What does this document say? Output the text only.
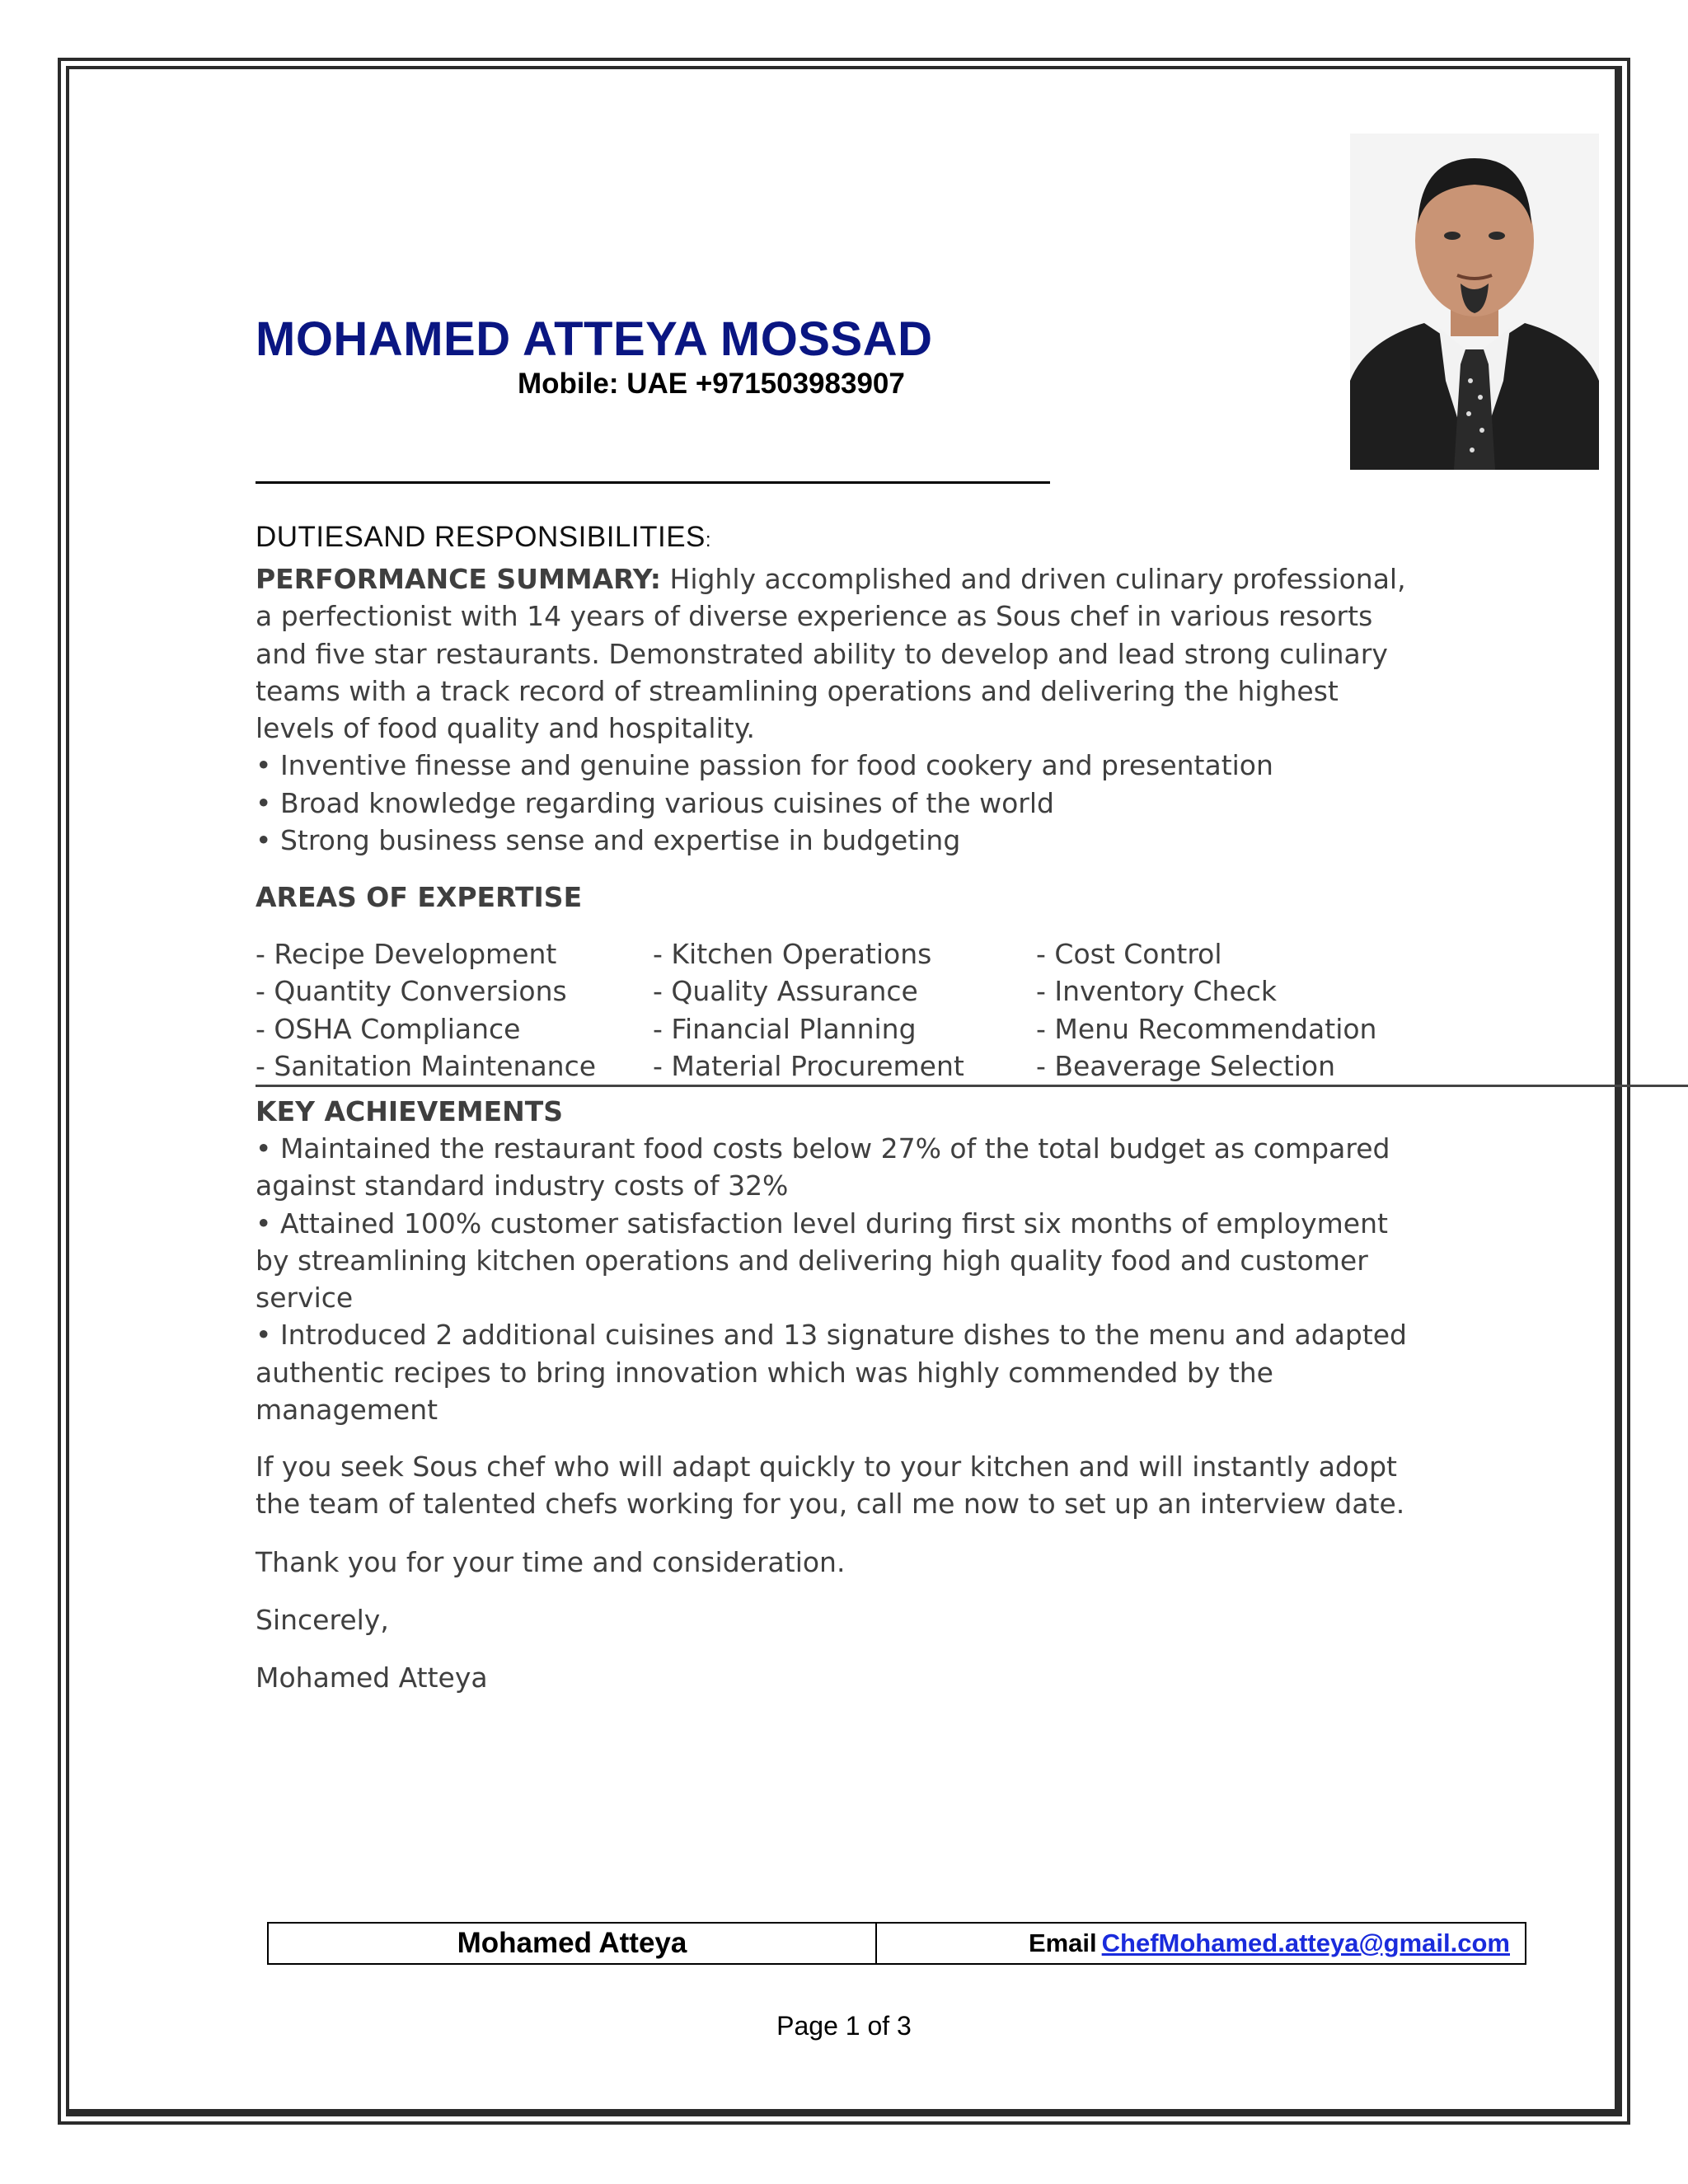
MOHAMED ATTEYA MOSSAD
Mobile: UAE +971503983907
DUTIESAND RESPONSIBILITIES:
PERFORMANCE SUMMARY: Highly accomplished and driven culinary professional,
a perfectionist with 14 years of diverse experience as Sous chef in various resorts
and five star restaurants. Demonstrated ability to develop and lead strong culinary
teams with a track record of streamlining operations and delivering the highest
levels of food quality and hospitality.
• Inventive finesse and genuine passion for food cookery and presentation
• Broad knowledge regarding various cuisines of the world
• Strong business sense and expertise in budgeting
AREAS OF EXPERTISE
- Recipe Development
- Quantity Conversions
- OSHA Compliance
- Sanitation Maintenance
- Kitchen Operations
- Quality Assurance
- Financial Planning
- Material Procurement
- Cost Control
- Inventory Check
- Menu Recommendation
- Beaverage Selection
KEY ACHIEVEMENTS
• Maintained the restaurant food costs below 27% of the total budget as compared
against standard industry costs of 32%
• Attained 100% customer satisfaction level during first six months of employment
by streamlining kitchen operations and delivering high quality food and customer
service
• Introduced 2 additional cuisines and 13 signature dishes to the menu and adapted
authentic recipes to bring innovation which was highly commended by the
management
If you seek Sous chef who will adapt quickly to your kitchen and will instantly adopt
the team of talented chefs working for you, call me now to set up an interview date.
Thank you for your time and consideration.
Sincerely,
Mohamed Atteya
Mohamed Atteya	Email ChefMohamed.atteya@gmail.com
Page 1 of 3
